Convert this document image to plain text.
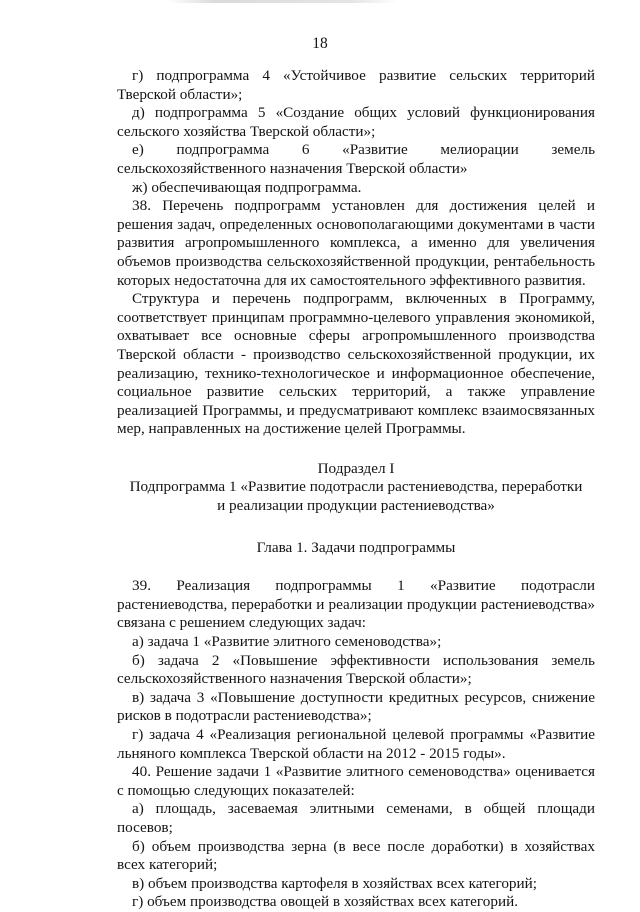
18

г) подпрограмма 4 «Устойчивое развитие сельских территорий Тверской области»;

д) подпрограмма 5 «Создание общих условий функционирования сельского хозяйства Тверской области»;

е) подпрограмма 6 «Развитие мелиорации земель сельскохозяйственного назначения Тверской области»

ж) обеспечивающая подпрограмма.

38. Перечень подпрограмм установлен для достижения целей и решения задач, определенных основополагающими документами в части развития агропромышленного комплекса, а именно для увеличения объемов производства сельскохозяйственной продукции, рентабельность которых недостаточна для их самостоятельного эффективного развития.

Структура и перечень подпрограмм, включенных в Программу, соответствует принципам программно-целевого управления экономикой, охватывает все основные сферы агропромышленного производства Тверской области - производство сельскохозяйственной продукции, их реализацию, технико-технологическое и информационное обеспечение, социальное развитие сельских территорий, а также управление реализацией Программы, и предусматривают комплекс взаимосвязанных мер, направленных на достижение целей Программы.

Подраздел I

Подпрограмма 1 «Развитие подотрасли растениеводства, переработки

и реализации продукции растениеводства»

Глава 1. Задачи подпрограммы

39. Реализация подпрограммы 1 «Развитие подотрасли растениеводства, переработки и реализации продукции растениеводства» связана с решением следующих задач:

а) задача 1 «Развитие элитного семеноводства»;

б) задача 2 «Повышение эффективности использования земель сельскохозяйственного назначения Тверской области»;

в) задача 3 «Повышение доступности кредитных ресурсов, снижение рисков в подотрасли растениеводства»;

г) задача 4 «Реализация региональной целевой программы «Развитие льняного комплекса Тверской области на 2012 - 2015 годы».

40. Решение задачи 1 «Развитие элитного семеноводства» оценивается с помощью следующих показателей:

а) площадь, засеваемая элитными семенами, в общей площади посевов;

б) объем производства зерна (в весе после доработки) в хозяйствах всех категорий;

в) объем производства картофеля в хозяйствах всех категорий;

г) объем производства овощей в хозяйствах всех категорий.
